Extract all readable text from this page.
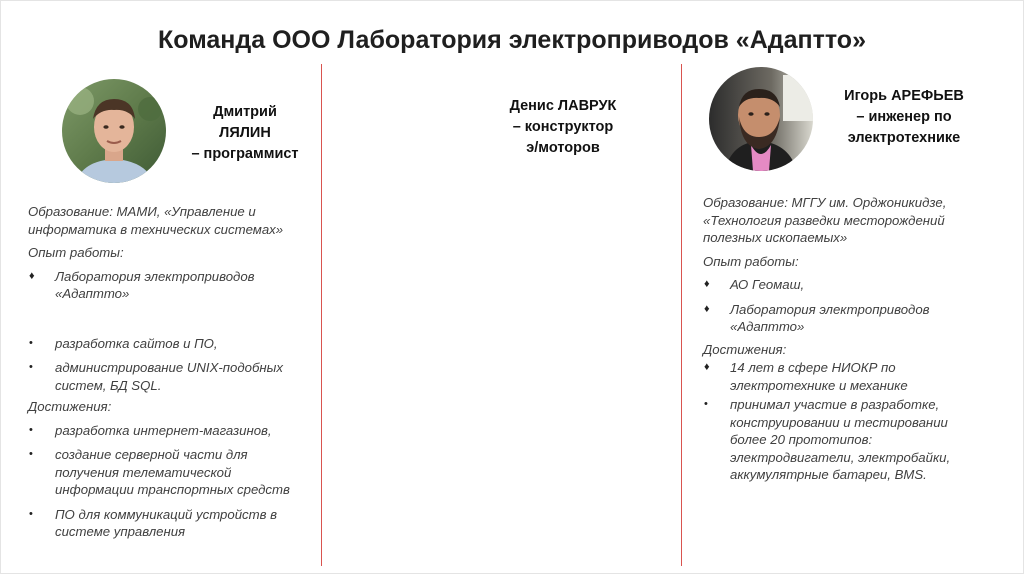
Команда ООО Лаборатория электроприводов «Адаптто»
Дмитрий
ЛЯЛИН
– программист
Денис ЛАВРУК
– конструктор
э/моторов
Игорь АРЕФЬЕВ
– инженер по
электротехнике

Образование: МАМИ, «Управление и информатика в технических системах»

Опыт работы:

♦ Лаборатория электроприводов «Адаптто»
• разработка сайтов и ПО,
• администрирование UNIX-подобных систем, БД SQL.

Достижения:

• разработка интернет-магазинов,
• создание серверной части для получения телематической информации транспортных средств
• ПО для коммуникаций устройств в системе управления

Образование: МГГУ им. Орджоникидзе, «Технология разведки месторождений полезных ископаемых»

Опыт работы:

♦ АО Геомаш,
♦ Лаборатория электроприводов «Адаптто»

Достижения:

♦ 14 лет в сфере НИОКР по электротехнике и механике
• принимал участие в разработке, конструировании и тестировании более 20 прототипов: электродвигатели, электробайки, аккумулятрные батареи, BMS.
